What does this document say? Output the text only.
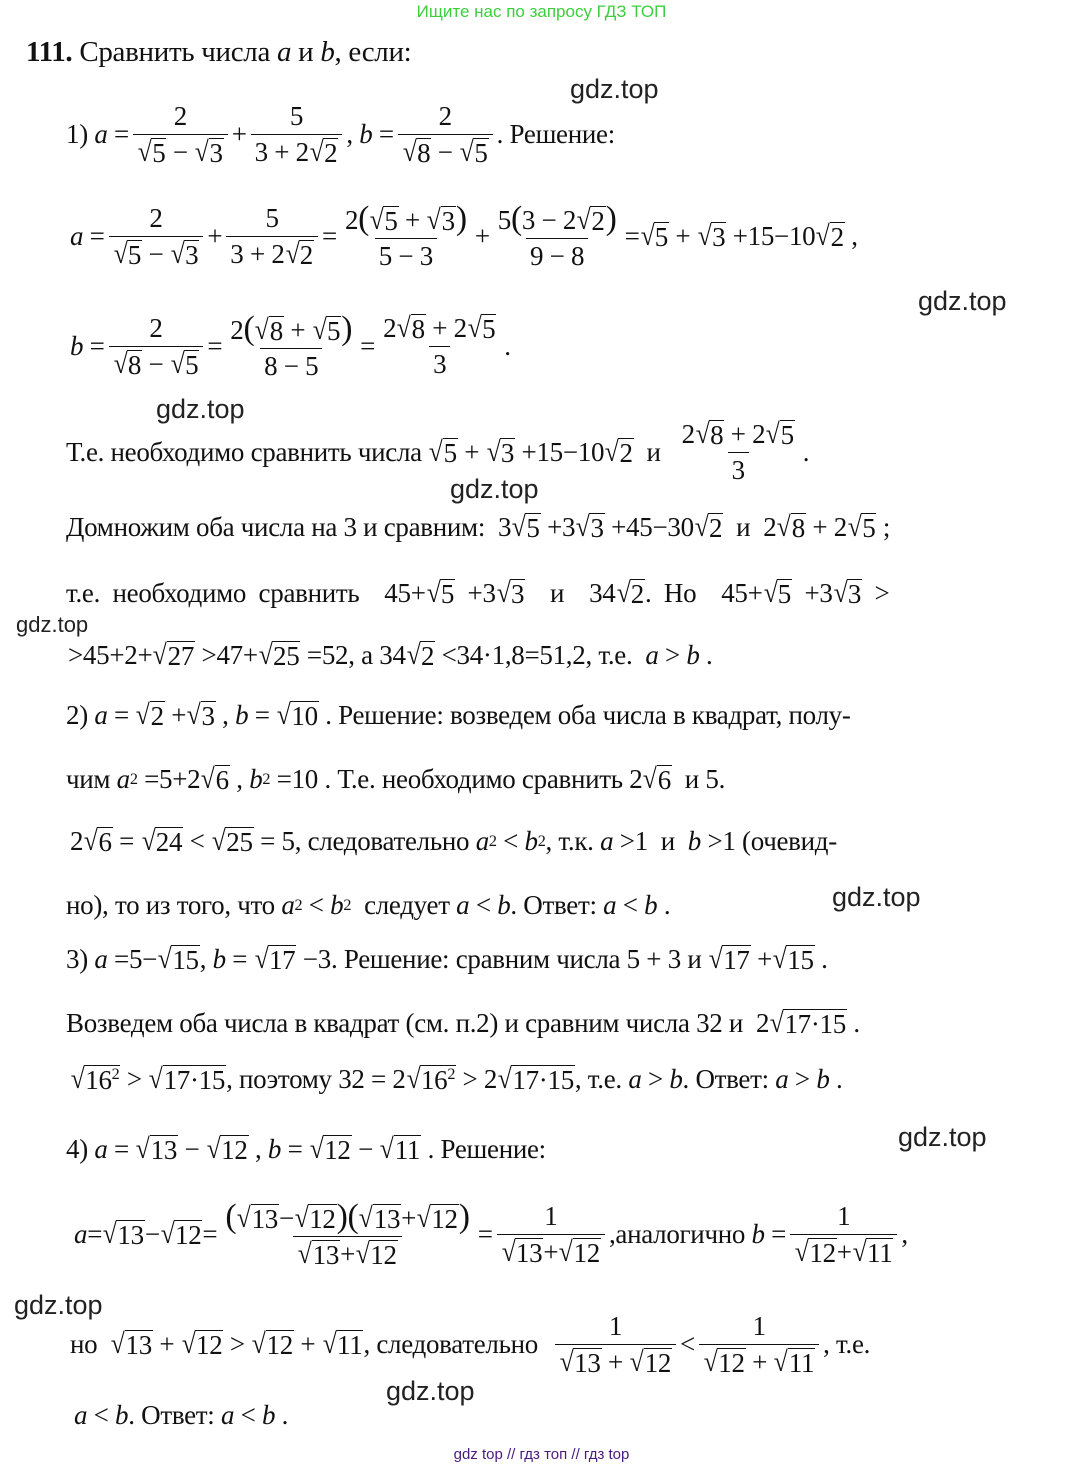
Ищите нас по запросу ГДЗ ТОП
111.
Сравнить числа a и b, если:
gdz.top
gdz.top
gdz.top
gdz.top
gdz.top
gdz.top
gdz.top
gdz.top
gdz.top
1)
$a = \frac{2}{√ 5 - √ 3} + \frac{5}{3 + 2 √ 2}$ , $b = \frac{2}{√ 8 - √ 5}$ . Решение:
$a = \frac{2}{√ 5 - √ 3} + \frac{5}{3 + 2 √ 2} = \frac{2( √ 5 + √ 3 )}{5 - 3} + \frac{5(3 - 2 √ 2 )}{9 - 8}$ = √ 5 + √ 3 +15−10 √ 2 ,
$b = \frac{2}{√ 8 - √ 5} = \frac{2( √ 8 + √ 5 )}{8 - 5} = \frac{2 √ 8 + 2 √ 5}{3}$ .
Т.е. необходимо сравнить числа
√ 5 + √ 3 +15−10 √ 2
и
$\frac{2 √ 8 + 2 √ 5}{3}$ .
Домножим оба числа на 3 и сравним: 3 √ 5 +3 √ 3 +45−30 √ 2
и 2 √ 8 + 2 √ 5 ;
т.е. необходимо сравнить 45+ √ 5 +3 √ 3
и 34 √ 2 . Но 45+ √ 5 +3 √ 3 >
>45+2+ √ 27 >47+ √ 25 =52 , а 34 √ 2 <34·1,8=51,2 , т.е.
a > b .
2)
a = √ 2 + √ 3 , b = √ 10
. Решение: возведем оба числа в квадрат, полу-
чим
a 2 =5+2 √ 6 , b 2 =10 . Т.е. необходимо сравнить 2 √ 6
и 5.
2 √ 6 = √ 24 < √ 25 = 5 , следовательно
a 2 < b 2 , т.к.
a >1  и b >1 (очевид-
но), то из того, что
a 2 < b 2
следует
a < b . Ответ:
a < b .
3)
a =5− √ 15 , b = √ 17 −3 . Решение: сравним числа 5 + 3 и
√ 17 + √ 15 .
Возведем оба числа в квадрат (см. п.2) и сравним числа 32 и 2 √ 17·15 .
√ $16^2$ > √ 17·15 , поэтому 32 = 2 √ $16^2 > 2$ √ 17·15 , т.е.
a > b . Ответ:
a > b .
4)
a = √ 13 − √ 12 , b = √ 12 − √ 11
. Решение:
a = √ 13 − √ $12 = \frac{( √ 13 - √ 12 )( √ 13 + √ 12 )}{√ 13 + √ 12} = \frac{1}{√ 13 + √ 12}$ ,аналогично
$b = \frac{1}{√ 12 + √ 11}$ ,
но
√ 13 + √ 12 > √ 12 + √ 11 , следовательно
$\frac{1}{√ 13 + √ 12} < \frac{1}{√ 12 + √ 11}$ , т.е.
a < b . Ответ:
a < b .
gdz top // гдз топ // гдз top
